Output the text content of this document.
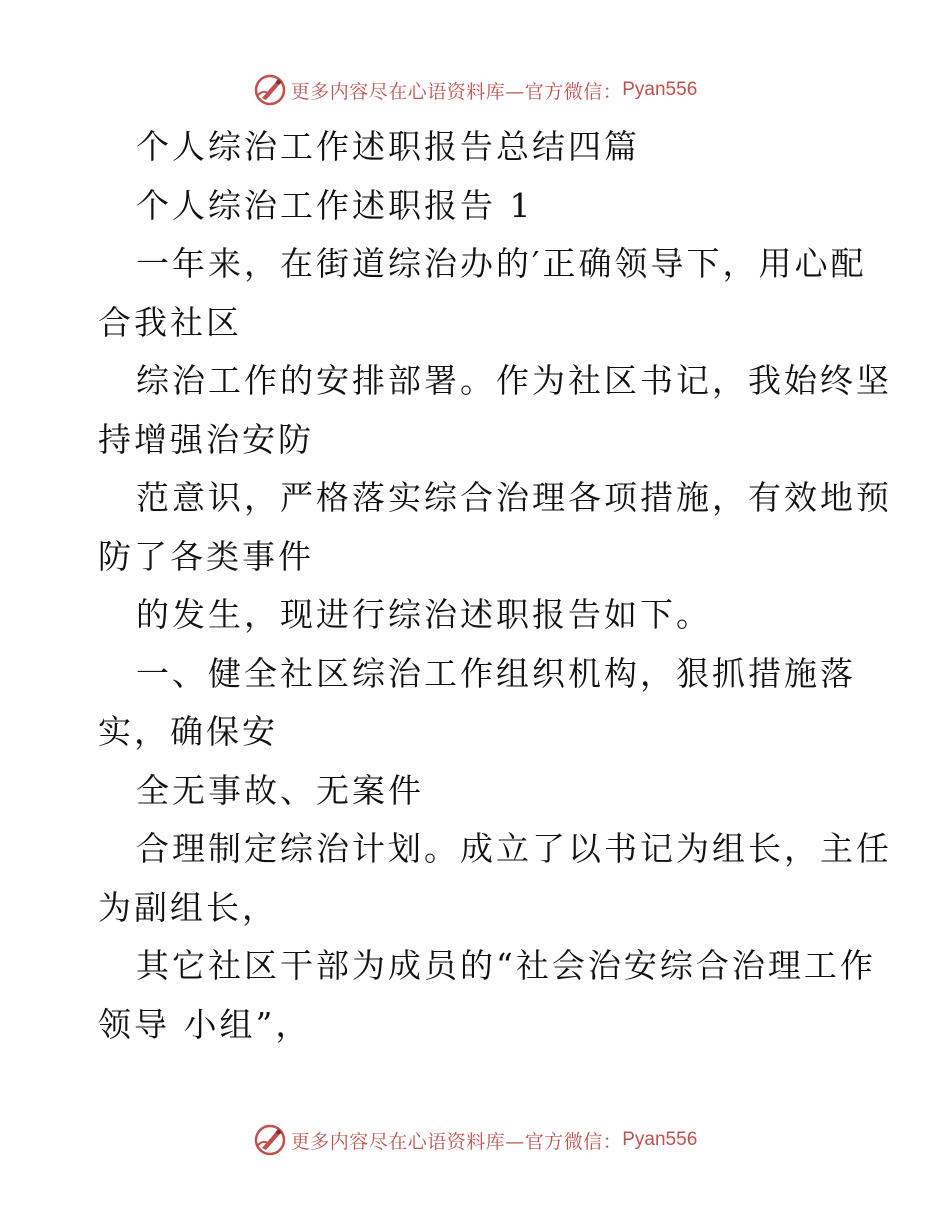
更多内容尽在心语资料库—官方微信： Pyan556
个人综治工作述职报告总结四篇
个人综治工作述职报告 1
一年来，在街道综治办的′正确领导下，用心配
合我社区
综治工作的安排部署。作为社区书记，我始终坚
持增强治安防
范意识，严格落实综合治理各项措施，有效地预
防了各类事件
的发生，现进行综治述职报告如下。
一、健全社区综治工作组织机构，狠抓措施落
实，确保安
全无事故、无案件
合理制定综治计划。成立了以书记为组长，主任
为副组长，
其它社区干部为成员的“社会治安综合治理工作
领导 小组”，
更多内容尽在心语资料库—官方微信： Pyan556
